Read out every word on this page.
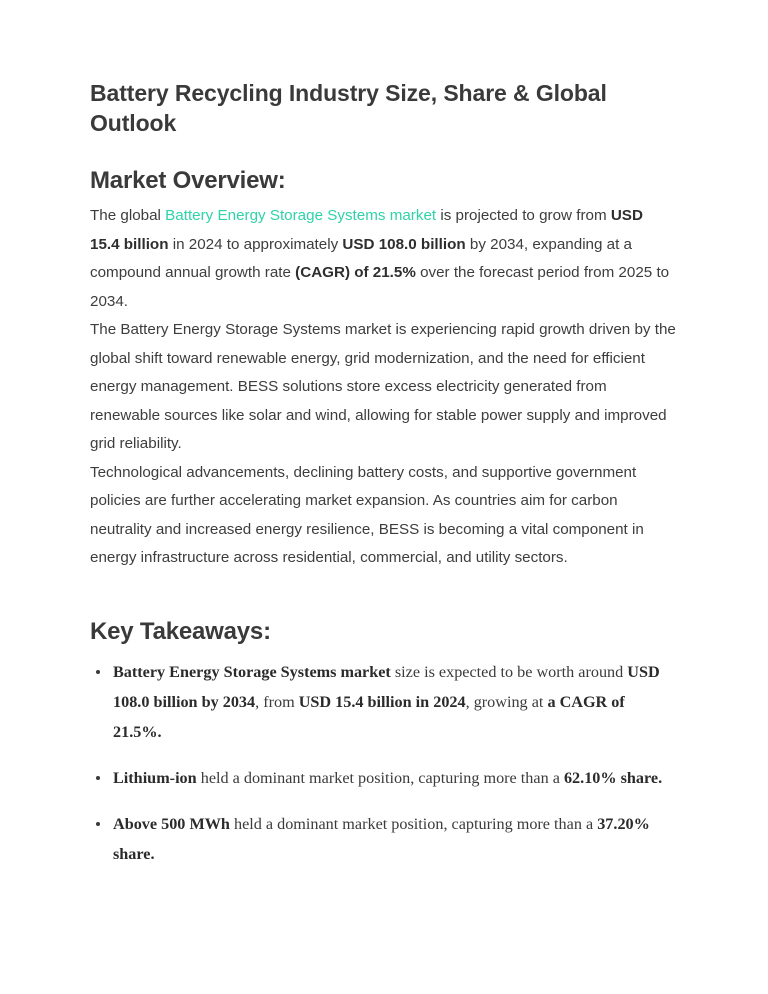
Battery Recycling Industry Size, Share & Global Outlook
Market Overview:

The global Battery Energy Storage Systems market is projected to grow from USD 15.4 billion in 2024 to approximately USD 108.0 billion by 2034, expanding at a compound annual growth rate (CAGR) of 21.5% over the forecast period from 2025 to 2034.

The Battery Energy Storage Systems market is experiencing rapid growth driven by the global shift toward renewable energy, grid modernization, and the need for efficient energy management. BESS solutions store excess electricity generated from renewable sources like solar and wind, allowing for stable power supply and improved grid reliability.

Technological advancements, declining battery costs, and supportive government policies are further accelerating market expansion. As countries aim for carbon neutrality and increased energy resilience, BESS is becoming a vital component in energy infrastructure across residential, commercial, and utility sectors.

Key Takeaways:
Battery Energy Storage Systems market size is expected to be worth around USD 108.0 billion by 2034, from USD 15.4 billion in 2024, growing at a CAGR of 21.5%.
Lithium-ion held a dominant market position, capturing more than a 62.10% share.
Above 500 MWh held a dominant market position, capturing more than a 37.20% share.
